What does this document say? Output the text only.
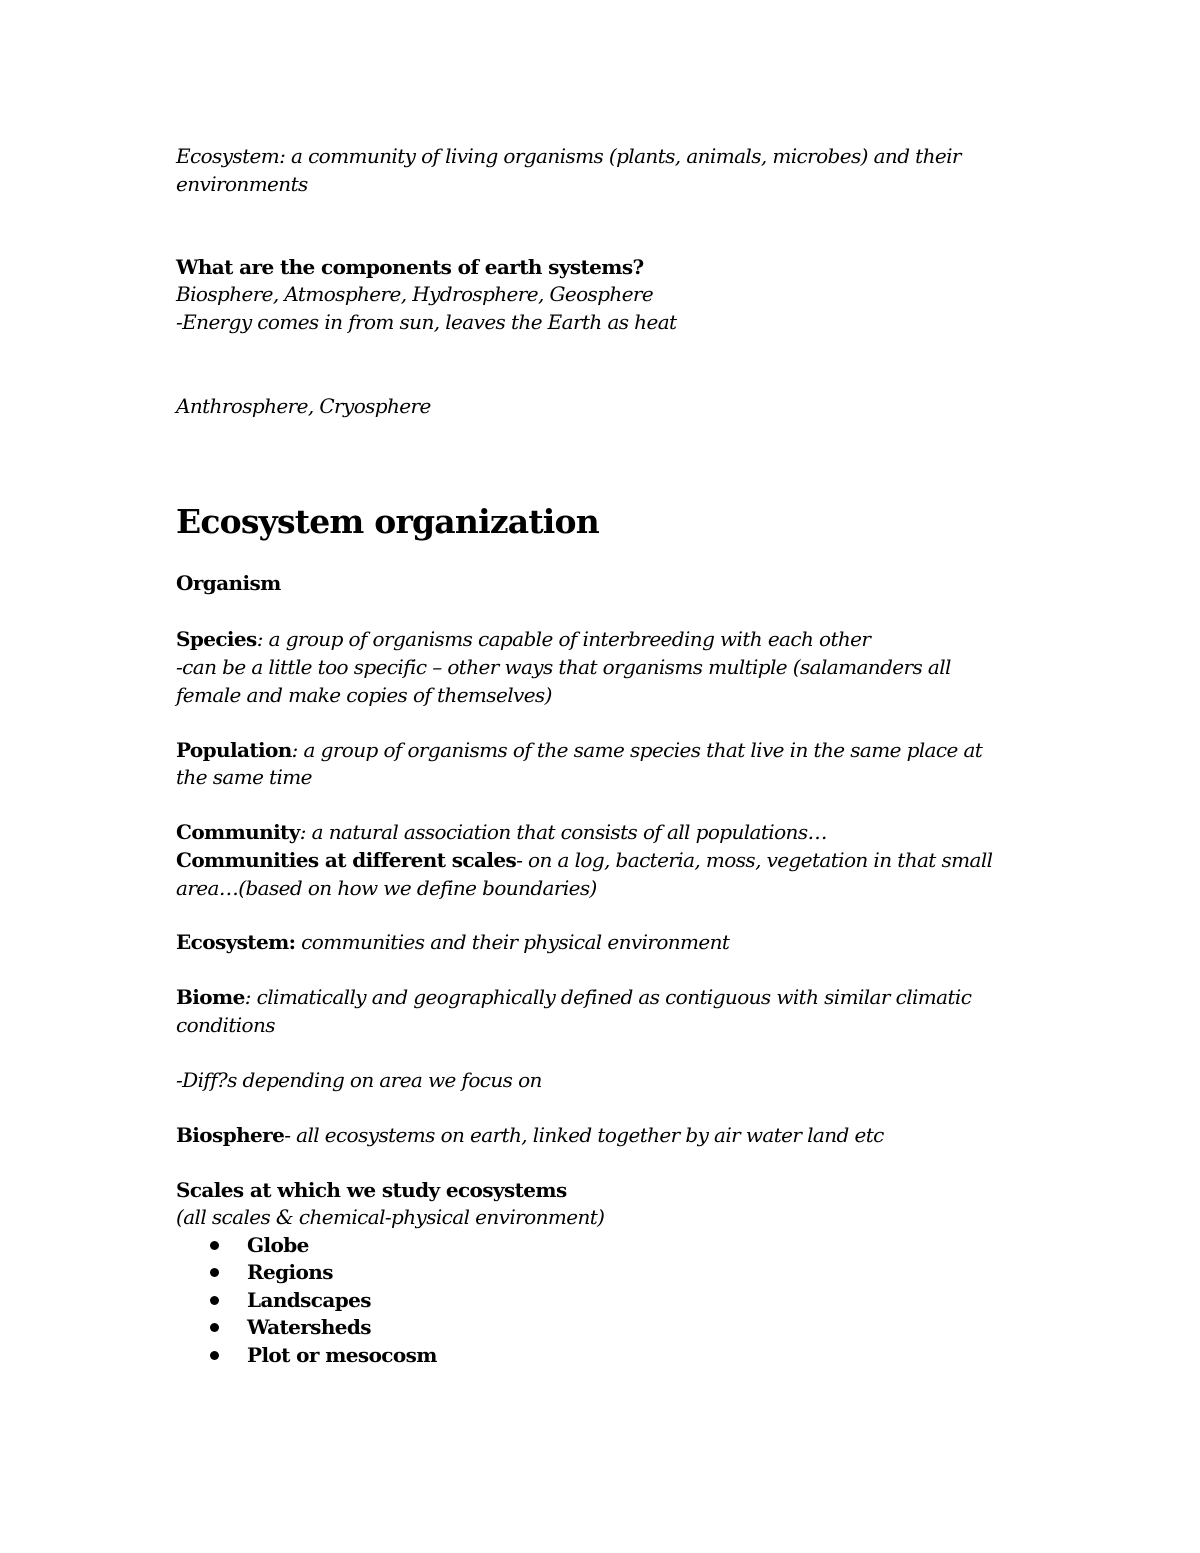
Ecosystem: a community of living organisms (plants, animals, microbes) and their
environments
What are the components of earth systems?
Biosphere, Atmosphere, Hydrosphere, Geosphere
-Energy comes in from sun, leaves the Earth as heat
Anthrosphere, Cryosphere
Ecosystem organization
Organism
Species: a group of organisms capable of interbreeding with each other
-can be a little too specific – other ways that organisms multiple (salamanders all
female and make copies of themselves)
Population: a group of organisms of the same species that live in the same place at
the same time
Community: a natural association that consists of all populations…
Communities at different scales- on a log, bacteria, moss, vegetation in that small
area…(based on how we define boundaries)
Ecosystem: communities and their physical environment
Biome: climatically and geographically defined as contiguous with similar climatic
conditions
-Diff?s depending on area we focus on
Biosphere- all ecosystems on earth, linked together by air water land etc
Scales at which we study ecosystems
(all scales & chemical-physical environment)
Globe
Regions
Landscapes
Watersheds
Plot or mesocosm
